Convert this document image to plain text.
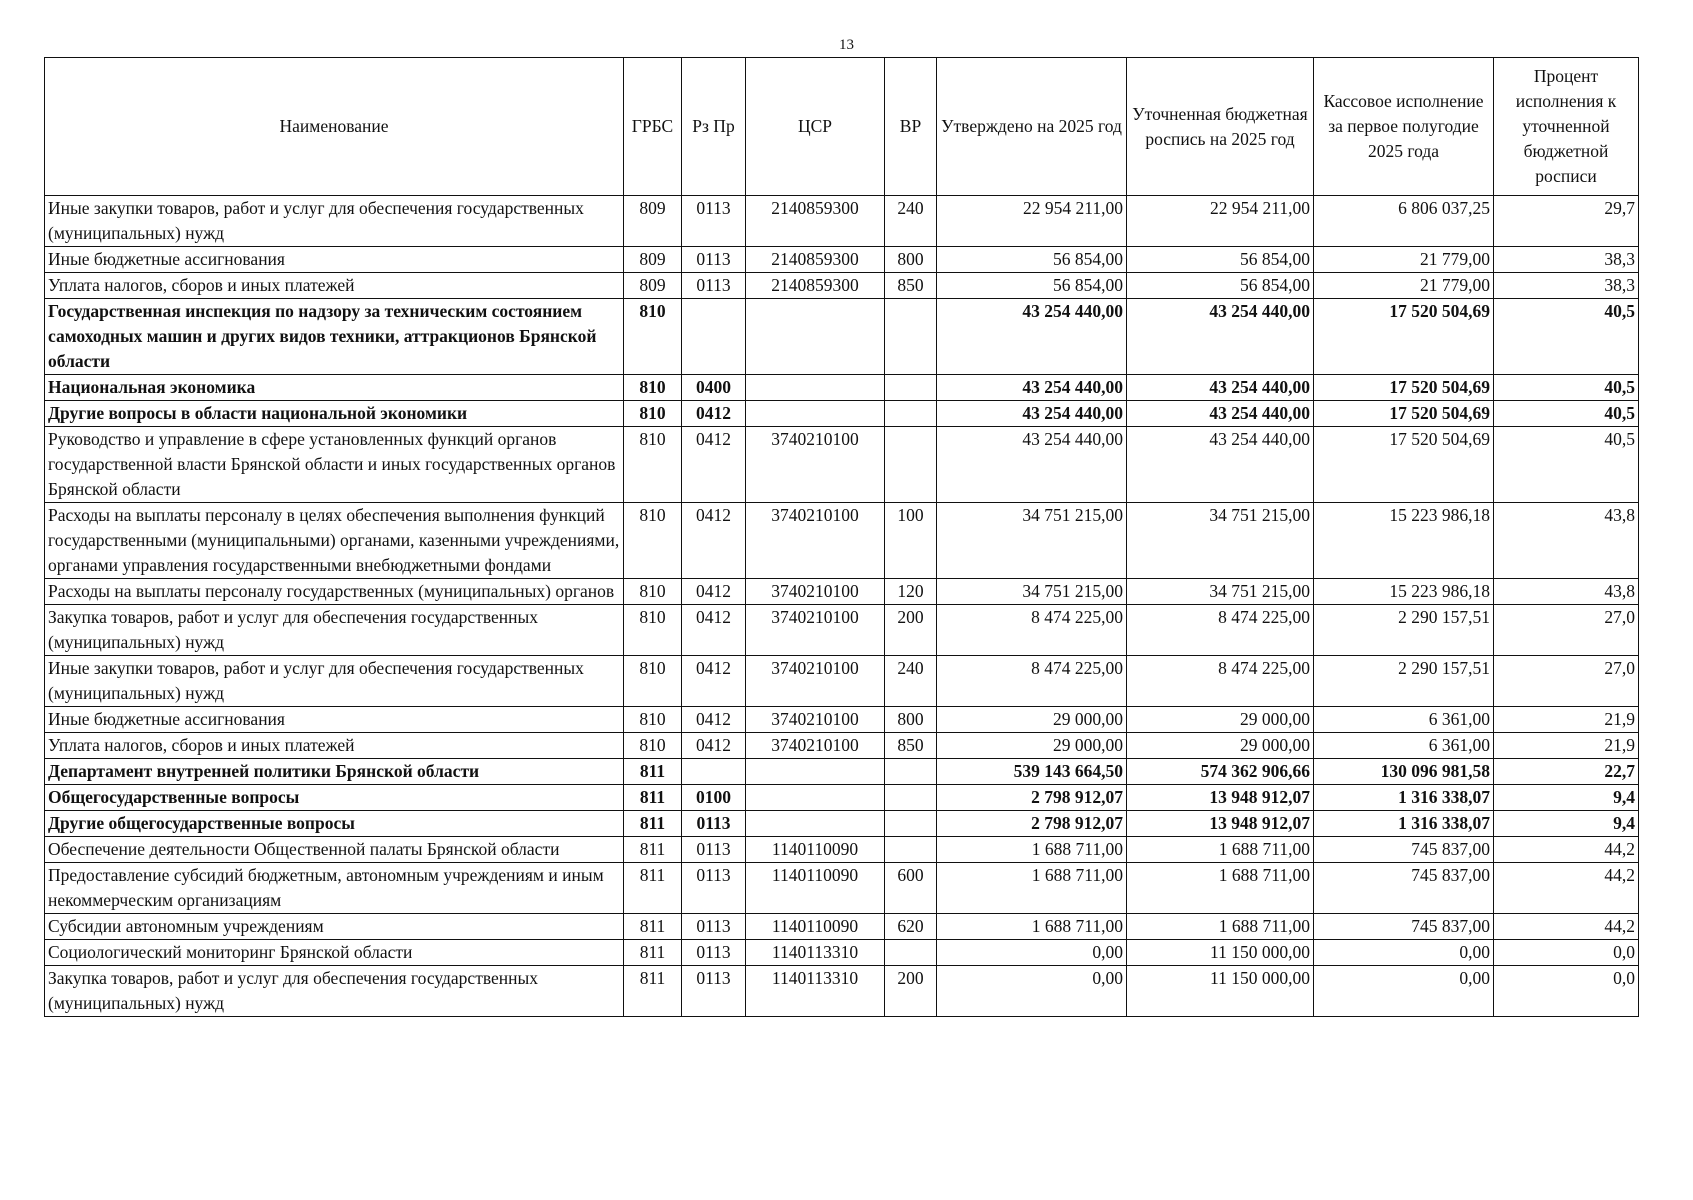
13
Наименование	ГРБС	Рз Пр	ЦСР	ВР	Утверждено на 2025 год	Уточненная бюджетная роспись на 2025 год	Кассовое исполнение за первое полугодие 2025 года	Процент исполнения к уточненной бюджетной росписи
Иные закупки товаров, работ и услуг для обеспечения государственных (муниципальных) нужд	809	0113	2140859300	240	22 954 211,00	22 954 211,00	6 806 037,25	29,7
Иные бюджетные ассигнования	809	0113	2140859300	800	56 854,00	56 854,00	21 779,00	38,3
Уплата налогов, сборов и иных платежей	809	0113	2140859300	850	56 854,00	56 854,00	21 779,00	38,3
Государственная инспекция по надзору за техническим состоянием самоходных машин и других видов техники, аттракционов Брянской области	810				43 254 440,00	43 254 440,00	17 520 504,69	40,5
Национальная экономика	810	0400			43 254 440,00	43 254 440,00	17 520 504,69	40,5
Другие вопросы в области национальной экономики	810	0412			43 254 440,00	43 254 440,00	17 520 504,69	40,5
Руководство и управление в сфере установленных функций органов государственной власти Брянской области и иных государственных органов Брянской области	810	0412	3740210100		43 254 440,00	43 254 440,00	17 520 504,69	40,5
Расходы на выплаты персоналу в целях обеспечения выполнения функций государственными (муниципальными) органами, казенными учреждениями, органами управления государственными внебюджетными фондами	810	0412	3740210100	100	34 751 215,00	34 751 215,00	15 223 986,18	43,8
Расходы на выплаты персоналу государственных (муниципальных) органов	810	0412	3740210100	120	34 751 215,00	34 751 215,00	15 223 986,18	43,8
Закупка товаров, работ и услуг для обеспечения государственных (муниципальных) нужд	810	0412	3740210100	200	8 474 225,00	8 474 225,00	2 290 157,51	27,0
Иные закупки товаров, работ и услуг для обеспечения государственных (муниципальных) нужд	810	0412	3740210100	240	8 474 225,00	8 474 225,00	2 290 157,51	27,0
Иные бюджетные ассигнования	810	0412	3740210100	800	29 000,00	29 000,00	6 361,00	21,9
Уплата налогов, сборов и иных платежей	810	0412	3740210100	850	29 000,00	29 000,00	6 361,00	21,9
Департамент внутренней политики Брянской области	811				539 143 664,50	574 362 906,66	130 096 981,58	22,7
Общегосударственные вопросы	811	0100			2 798 912,07	13 948 912,07	1 316 338,07	9,4
Другие общегосударственные вопросы	811	0113			2 798 912,07	13 948 912,07	1 316 338,07	9,4
Обеспечение деятельности Общественной палаты Брянской области	811	0113	1140110090		1 688 711,00	1 688 711,00	745 837,00	44,2
Предоставление субсидий бюджетным, автономным учреждениям и иным некоммерческим организациям	811	0113	1140110090	600	1 688 711,00	1 688 711,00	745 837,00	44,2
Субсидии автономным учреждениям	811	0113	1140110090	620	1 688 711,00	1 688 711,00	745 837,00	44,2
Социологический мониторинг Брянской области	811	0113	1140113310		0,00	11 150 000,00	0,00	0,0
Закупка товаров, работ и услуг для обеспечения государственных (муниципальных) нужд	811	0113	1140113310	200	0,00	11 150 000,00	0,00	0,0
